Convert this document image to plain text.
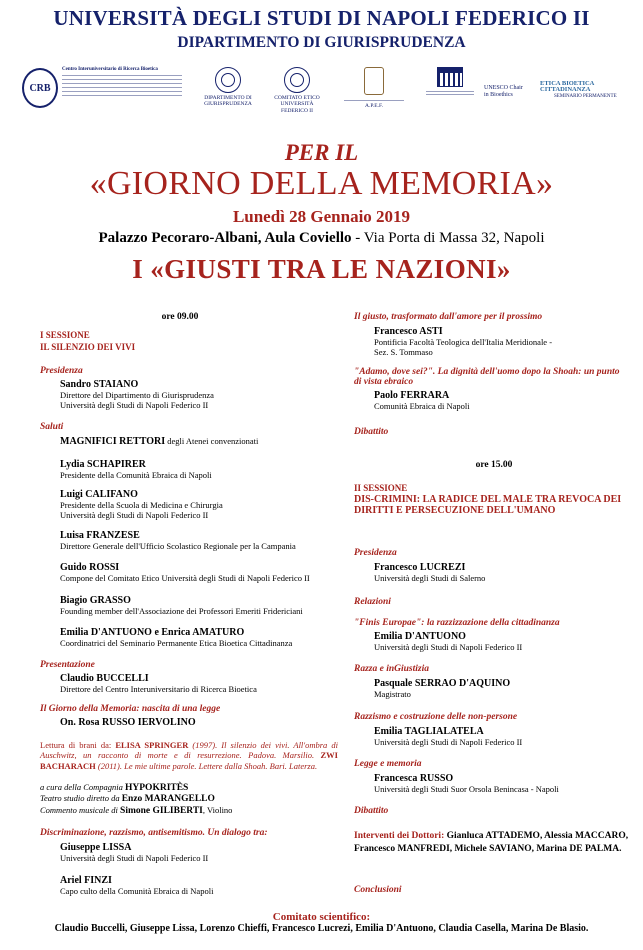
UNIVERSITÀ DEGLI STUDI DI NAPOLI FEDERICO II
DIPARTIMENTO DI GIURISPRUDENZA
CRB
Centro Interuniversitario di Ricerca Bioetica
DIPARTIMENTO DI GIURISPRUDENZA
COMITATO ETICO UNIVERSITÀ FEDERICO II
A.P.E.F.
UNESCO Chair in Bioethics
ETICA BIOETICA CITTADINANZA
SEMINARIO PERMANENTE
PER IL
«GIORNO DELLA MEMORIA»
Lunedì 28 Gennaio 2019
Palazzo Pecoraro-Albani, Aula Coviello - Via Porta di Massa 32, Napoli
I «GIUSTI TRA LE NAZIONI»
ore 09.00
I SESSIONE
IL SILENZIO DEI VIVI
Presidenza
Sandro STAIANO
Direttore del Dipartimento di Giurisprudenza
Università degli Studi di Napoli Federico II
Saluti
MAGNIFICI RETTORI degli Atenei convenzionati
Lydia SCHAPIRER
Presidente della Comunità Ebraica di Napoli
Luigi CALIFANO
Presidente della Scuola di Medicina e Chirurgia
Università degli Studi di Napoli Federico II
Luisa FRANZESE
Direttore Generale dell'Ufficio Scolastico Regionale per la Campania
Guido ROSSI
Compone del Comitato Etico Università degli Studi di Napoli Federico II
Biagio GRASSO
Founding member dell'Associazione dei Professori Emeriti Fridericiani
Emilia D'ANTUONO e Enrica AMATURO
Coordinatrici del Seminario Permanente Etica Bioetica Cittadinanza
Presentazione
Claudio BUCCELLI
Direttore del Centro Interuniversitario di Ricerca Bioetica
Il Giorno della Memoria: nascita di una legge
On. Rosa RUSSO IERVOLINO
Lettura di brani da: ELISA SPRINGER (1997). Il silenzio dei vivi. All'ombra di Auschwitz, un racconto di morte e di resurrezione. Padova. Marsilio. ZWI BACHARACH (2011). Le mie ultime parole. Lettere dalla Shoah. Bari. Laterza.
a cura della Compagnia HYPOKRITÈS
Teatro studio diretto da Enzo MARANGELLO
Commento musicale di Simone GILIBERTI, Violino
Discriminazione, razzismo, antisemitismo. Un dialogo tra:
Giuseppe LISSA
Università degli Studi di Napoli Federico II
Ariel FINZI
Capo culto della Comunità Ebraica di Napoli
Il giusto, trasformato dall'amore per il prossimo
Francesco ASTI
Pontificia Facoltà Teologica dell'Italia Meridionale -
Sez. S. Tommaso
"Adamo, dove sei?". La dignità dell'uomo dopo la Shoah: un punto di vista ebraico
Paolo FERRARA
Comunità Ebraica di Napoli
Dibattito
ore 15.00
II SESSIONE
DIS-CRIMINI: LA RADICE DEL MALE TRA REVOCA DEI DIRITTI E PERSECUZIONE DELL'UMANO
Presidenza
Francesco LUCREZI
Università degli Studi di Salerno
Relazioni
"Finis Europae": la razzizzazione della cittadinanza
Emilia D'ANTUONO
Università degli Studi di Napoli Federico II
Razza e inGiustizia
Pasquale SERRAO D'AQUINO
Magistrato
Razzismo e costruzione delle non-persone
Emilia TAGLIALATELA
Università degli Studi di Napoli Federico II
Legge e memoria
Francesca RUSSO
Università degli Studi Suor Orsola Benincasa - Napoli
Dibattito
Interventi dei Dottori: Gianluca ATTADEMO, Alessia MACCARO, Francesco MANFREDI, Michele SAVIANO, Marina DE PALMA.
Conclusioni
Comitato scientifico:
Claudio Buccelli, Giuseppe Lissa, Lorenzo Chieffi, Francesco Lucrezi, Emilia D'Antuono, Claudia Casella, Marina De Blasio.
